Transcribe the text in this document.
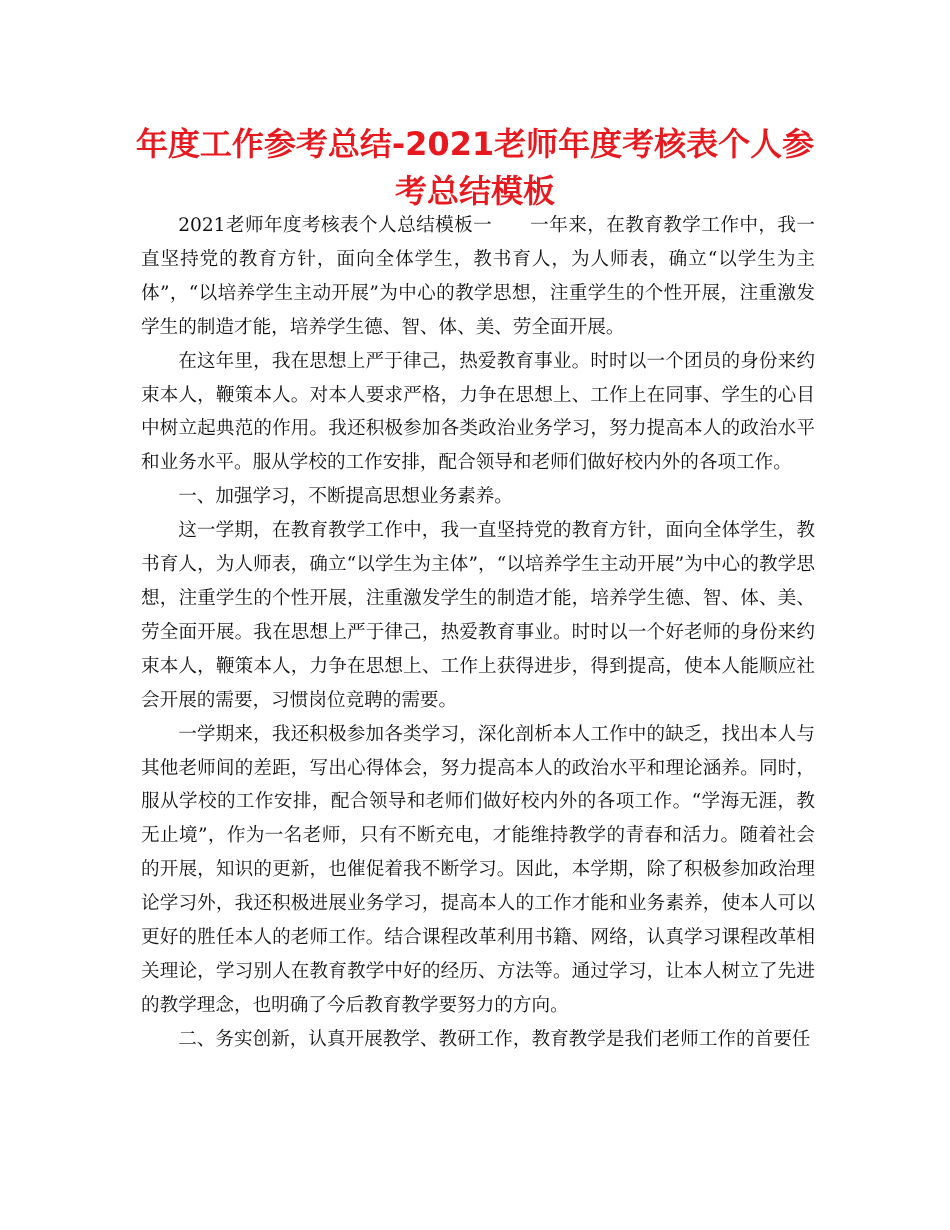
年度工作参考总结-2021老师年度考核表个人参考总结模板

2021老师年度考核表个人总结模板一　　一年来，在教育教学工作中，我一直坚持党的教育方针，面向全体学生，教书育人，为人师表，确立“以学生为主体”，“以培养学生主动开展”为中心的教学思想，注重学生的个性开展，注重激发学生的制造才能，培养学生德、智、体、美、劳全面开展。

在这年里，我在思想上严于律己，热爱教育事业。时时以一个团员的身份来约束本人，鞭策本人。对本人要求严格，力争在思想上、工作上在同事、学生的心目中树立起典范的作用。我还积极参加各类政治业务学习，努力提高本人的政治水平和业务水平。服从学校的工作安排，配合领导和老师们做好校内外的各项工作。

一、加强学习，不断提高思想业务素养。

这一学期，在教育教学工作中，我一直坚持党的教育方针，面向全体学生，教书育人，为人师表，确立“以学生为主体”，“以培养学生主动开展”为中心的教学思想，注重学生的个性开展，注重激发学生的制造才能，培养学生德、智、体、美、劳全面开展。我在思想上严于律己，热爱教育事业。时时以一个好老师的身份来约束本人，鞭策本人，力争在思想上、工作上获得进步，得到提高，使本人能顺应社会开展的需要，习惯岗位竞聘的需要。

一学期来，我还积极参加各类学习，深化剖析本人工作中的缺乏，找出本人与其他老师间的差距，写出心得体会，努力提高本人的政治水平和理论涵养。同时，服从学校的工作安排，配合领导和老师们做好校内外的各项工作。“学海无涯，教无止境”，作为一名老师，只有不断充电，才能维持教学的青春和活力。随着社会的开展，知识的更新，也催促着我不断学习。因此，本学期，除了积极参加政治理论学习外，我还积极进展业务学习，提高本人的工作才能和业务素养，使本人可以更好的胜任本人的老师工作。结合课程改革利用书籍、网络，认真学习课程改革相关理论，学习别人在教育教学中好的经历、方法等。通过学习，让本人树立了先进的教学理念，也明确了今后教育教学要努力的方向。

二、务实创新，认真开展教学、教研工作，教育教学是我们老师工作的首要任
